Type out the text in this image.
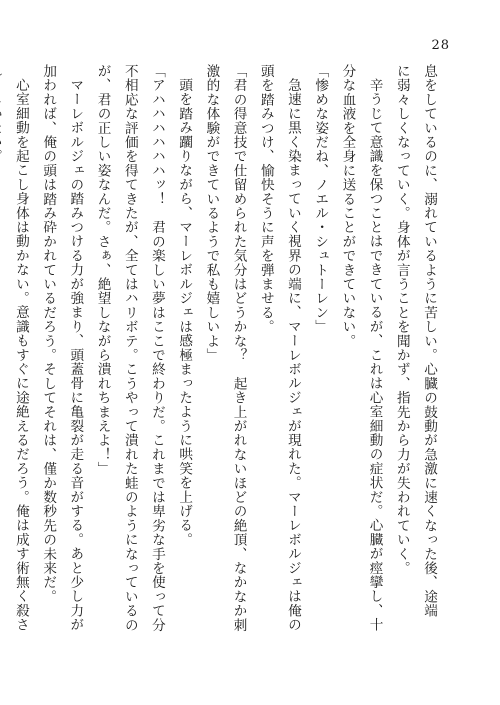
28
息をしているのに、溺れているように苦しい。心臓の鼓動が急激に速くなった後、途端
に弱々しくなっていく。身体が言うことを聞かず、指先から力が失われていく。
辛うじて意識を保つことはできているが、これは心室細動の症状だ。心臓が痙攣し、十
分な血液を全身に送ることができていない。
「惨めな姿だね、ノエル・シュトーレン」
急速に黒く染まっていく視界の端に、マーレボルジェが現れた。マーレボルジェは俺の
頭を踏みつけ、愉快そうに声を弾ませる。
「君の得意技で仕留められた気分はどうかな？　起き上がれないほどの絶頂、なかなか刺
激的な体験ができているようで私も嬉しいよ」
頭を踏み躙りながら、マーレボルジェは感極まったように哄笑を上げる。
「アハハハハハハッ！　君の楽しい夢はここで終わりだ。これまでは卑劣な手を使って分
不相応な評価を得てきたが、全てはハリボテ。こうやって潰れた蛙のようになっているの
が、君の正しい姿なんだ。さぁ、絶望しながら潰れちまえよ！」
マーレボルジェの踏みつける力が強まり、頭蓋骨に亀裂が走る音がする。あと少し力が
加われば、俺の頭は踏み砕かれているだろう。そしてそれは、僅か数秒先の未来だ。
心室細動を起こし身体は動かない。意識もすぐに途絶えるだろう。俺は成す術無く殺さ
